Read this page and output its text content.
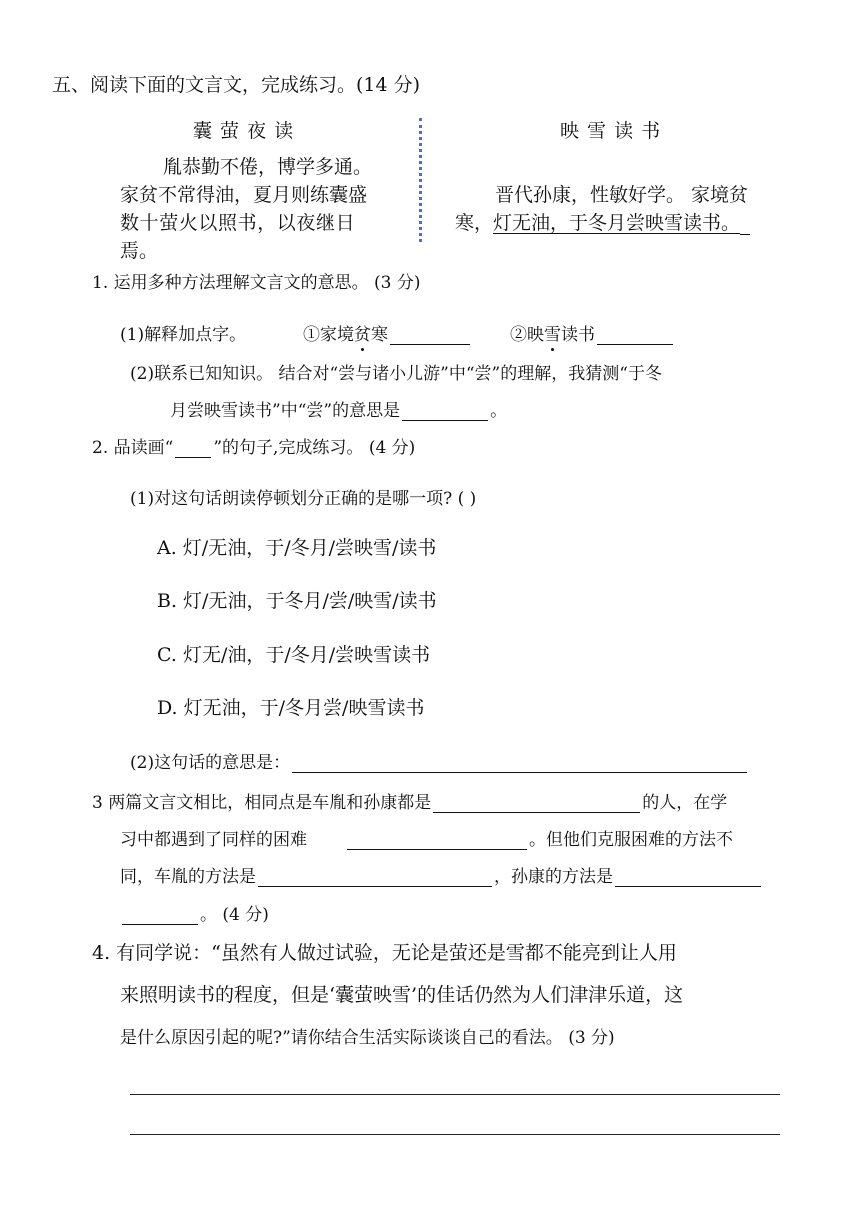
五、阅读下面的文言文，完成练习。(14 分)
囊 萤 夜 读
胤恭勤不倦，博学多通。
家贫不常得油，夏月则练囊盛
数十萤火以照书，以夜继日
焉。
映 雪 读 书
晋代孙康，性敏好学。 家境贫
寒，灯无油，于冬月尝映雪读书。
1. 运用多种方法理解文言文的意思。 (3 分)
(1)解释加点字。	①家境贫寒	②映雪读书
(2)联系已知知识。 结合对“尝与诸小儿游”中“尝”的理解，我猜测“于冬
月尝映雪读书”中“尝”的意思是	。
2. 品读画“ ”的句子,完成练习。 (4 分)
(1)对这句话朗读停顿划分正确的是哪一项? ( )
A. 灯/无油，于/冬月/尝映雪/读书
B. 灯/无油，于冬月/尝/映雪/读书
C. 灯无/油，于/冬月/尝映雪读书
D. 灯无油，于/冬月尝/映雪读书
(2)这句话的意思是：
3 两篇文言文相比，相同点是车胤和孙康都是	的人，在学
习中都遇到了同样的困难	。但他们克服困难的方法不
同，车胤的方法是	，孙康的方法是
。 (4 分)
4. 有同学说：“虽然有人做过试验，无论是萤还是雪都不能亮到让人用
来照明读书的程度，但是‘囊萤映雪’的佳话仍然为人们津津乐道，这
是什么原因引起的呢?”请你结合生活实际谈谈自己的看法。 (3 分)
